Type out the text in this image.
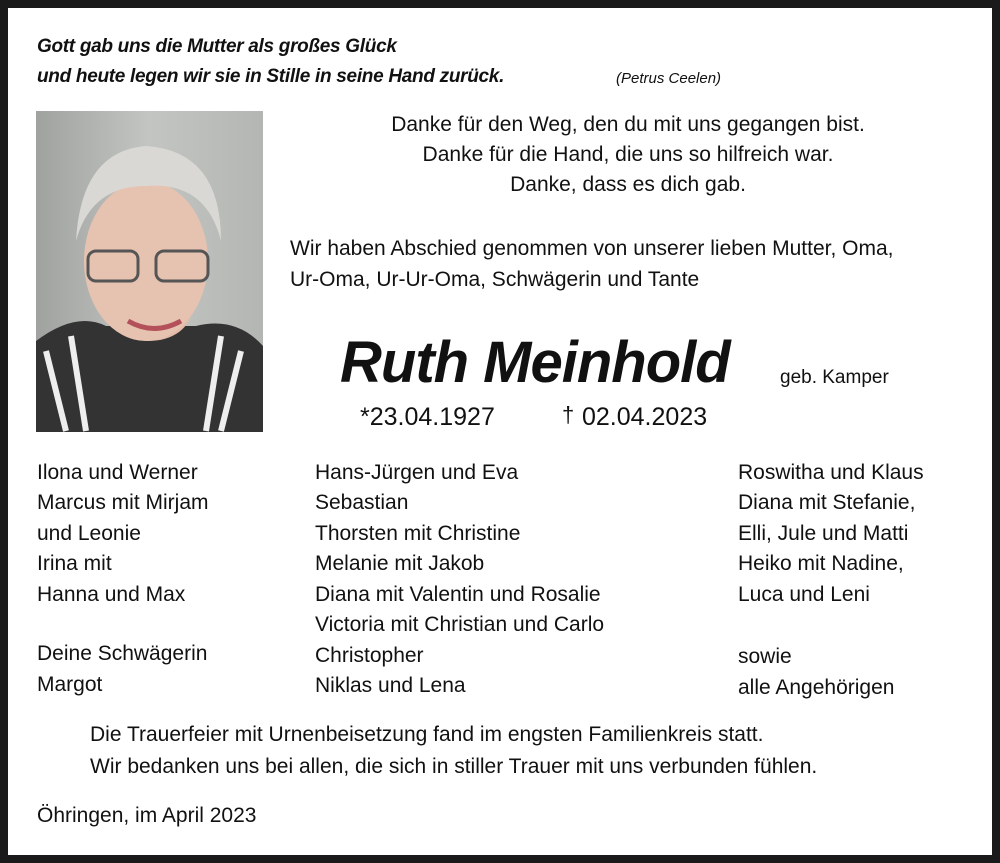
Gott gab uns die Mutter als großes Glück
und heute legen wir sie in Stille in seine Hand zurück.	(Petrus Ceelen)
Danke für den Weg, den du mit uns gegangen bist.
Danke für die Hand, die uns so hilfreich war.
Danke, dass es dich gab.
Wir haben Abschied genommen von unserer lieben Mutter, Oma,
Ur-Oma, Ur-Ur-Oma, Schwägerin und Tante
Ruth Meinhold	geb. Kamper
*23.04.1927	† 02.04.2023
Ilona und Werner
Marcus mit Mirjam
und Leonie
Irina mit
Hanna und Max
Deine Schwägerin
Margot
Hans-Jürgen und Eva
Sebastian
Thorsten mit Christine
Melanie mit Jakob
Diana mit Valentin und Rosalie
Victoria mit Christian und Carlo
Christopher
Niklas und Lena
Roswitha und Klaus
Diana mit Stefanie,
Elli, Jule und Matti
Heiko mit Nadine,
Luca und Leni
sowie
alle Angehörigen
Die Trauerfeier mit Urnenbeisetzung fand im engsten Familienkreis statt.
Wir bedanken uns bei allen, die sich in stiller Trauer mit uns verbunden fühlen.
Öhringen, im April 2023
